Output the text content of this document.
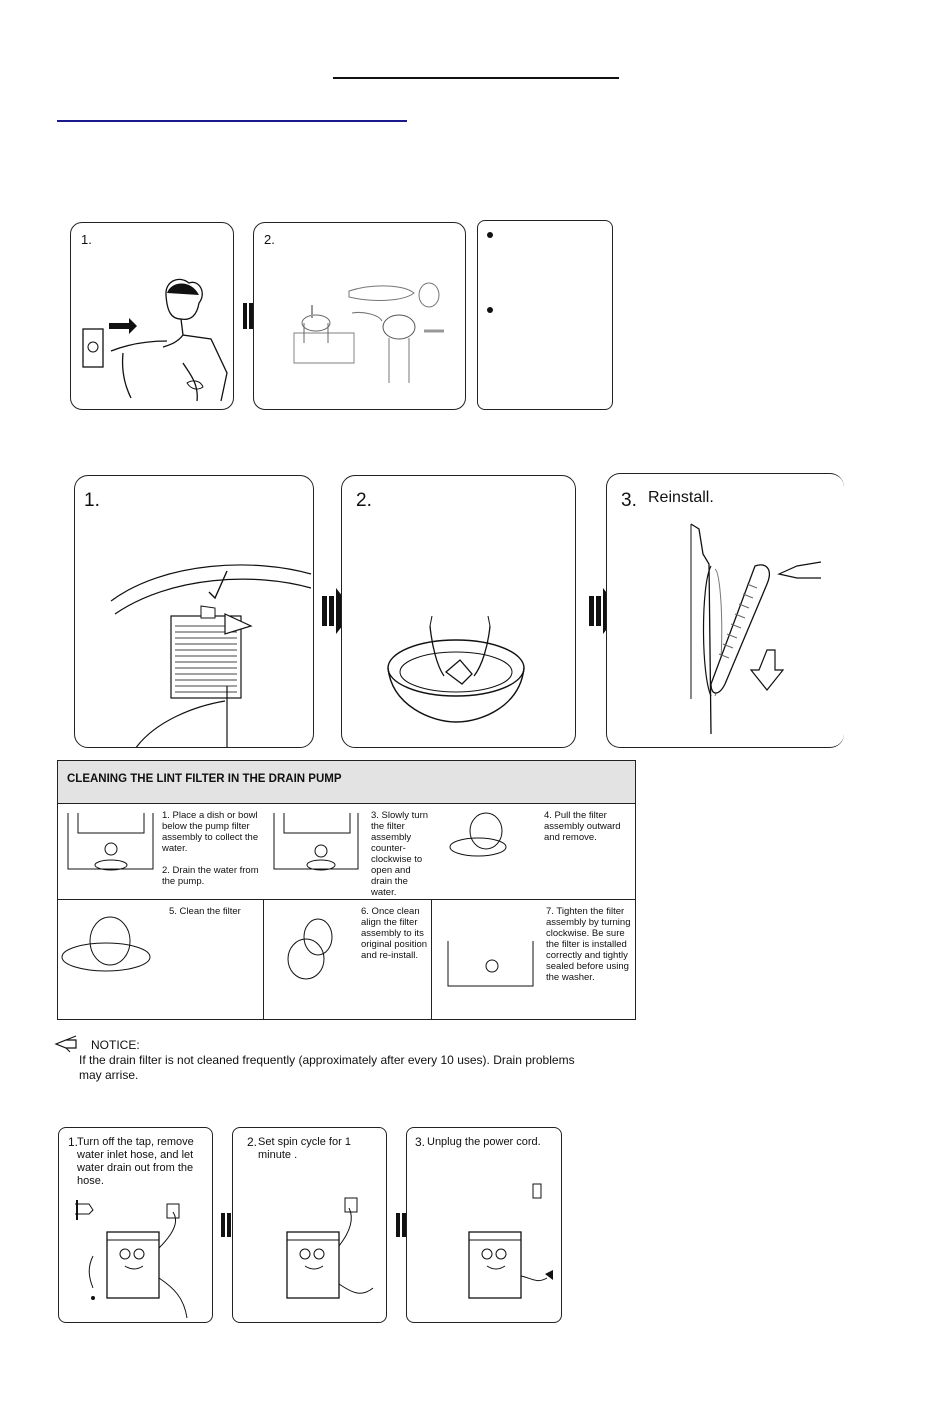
1.	2.
1.	2.	3. Reinstall.
CLEANING THE LINT FILTER IN THE DRAIN PUMP
1. Place a dish or bowl below the pump filter assembly to collect the water.

2. Drain the water from the pump.
3. Slowly turn the filter assembly counter-clockwise to open and drain the water.
4. Pull the filter assembly outward and remove.
5. Clean the filter	6. Once clean align the filter assembly to its original position and re-install.
7. Tighten the filter assembly by turning clockwise. Be sure the filter is installed correctly and tightly sealed before using the washer.
NOTICE:
If the drain filter is not cleaned frequently (approximately after every 10 uses). Drain problems
may arrise.
1.
Turn off the tap, remove
water inlet hose, and let
water drain out from the
hose.
2. Set spin cycle for 1
minute .
3. Unplug the power cord.
